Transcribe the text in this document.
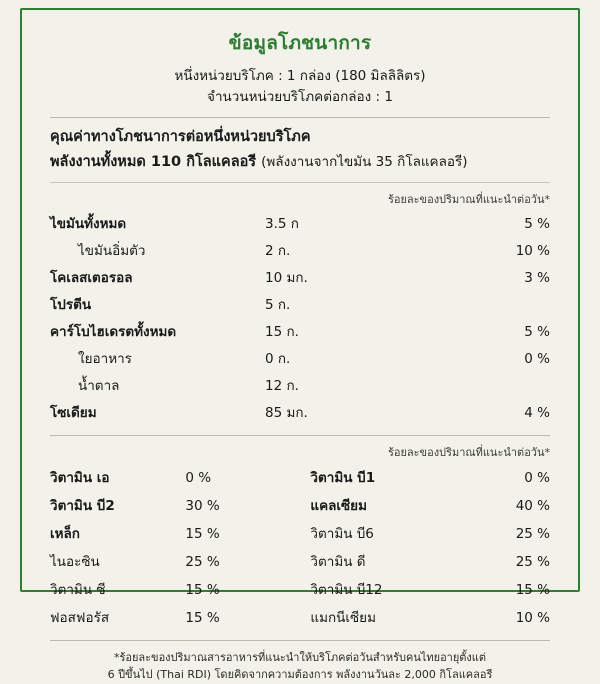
ข้อมูลโภชนาการ
หนึ่งหน่วยบริโภค : 1 กล่อง (180 มิลลิลิตร)
จำนวนหน่วยบริโภคต่อกล่อง : 1
คุณค่าทางโภชนาการต่อหนึ่งหน่วยบริโภค
พลังงานทั้งหมด 110 กิโลแคลอรี (พลังงานจากไขมัน 35 กิโลแคลอรี)
ร้อยละของปริมาณที่แนะนำต่อวัน*
ไขมันทั้งหมด	3.5 ก	5 %
ไขมันอิ่มตัว	2 ก.	10 %
โคเลสเตอรอล	10 มก.	3 %
โปรตีน	5 ก.	
คาร์โบไฮเดรตทั้งหมด	15 ก.	5 %
ใยอาหาร	0 ก.	0 %
น้ำตาล	12 ก.	
โซเดียม	85 มก.	4 %
ร้อยละของปริมาณที่แนะนำต่อวัน*
วิตามิน เอ	0 %		วิตามิน บี1	0 %
วิตามิน บี2	30 %		แคลเซียม	40 %
เหล็ก	15 %		วิตามิน บี6	25 %
ไนอะซิน	25 %		วิตามิน ดี	25 %
วิตามิน ซี	15 %		วิตามิน บี12	15 %
ฟอสฟอรัส	15 %		แมกนีเซียม	10 %
*ร้อยละของปริมาณสารอาหารที่แนะนำให้บริโภคต่อวันสำหรับคนไทยอายุตั้งแต่
6 ปีขึ้นไป (Thai RDI) โดยคิดจากความต้องการ พลังงานวันละ 2,000 กิโลแคลอรี
